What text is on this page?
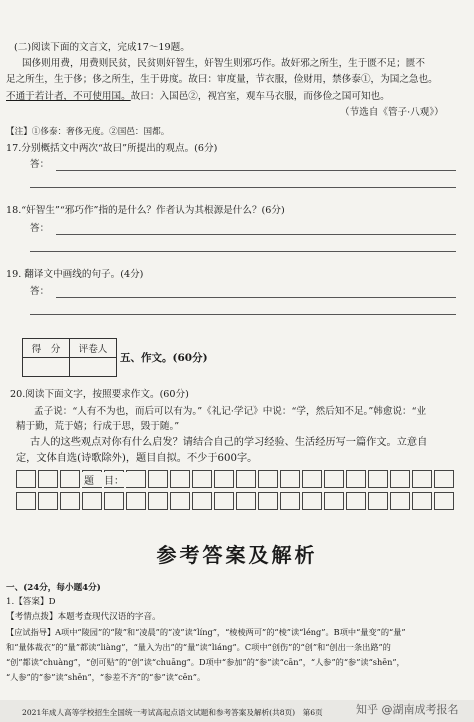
(二)阅读下面的文言文，完成17～19题。
国侈则用费，用费则民贫，民贫则奸智生，奸智生则邪巧作。故奸邪之所生，生于匮不足；匮不
足之所生，生于侈；侈之所生，生于毋度。故曰：审度量，节衣服，俭财用，禁侈泰①，为国之急也。
不通于若计者，不可使用国。故曰：入国邑②，视宫室，观车马衣服，而侈俭之国可知也。
（节选自《管子·八观》）
【注】①侈泰：奢侈无度。②国邑：国都。
17.分别概括文中两次“故曰”所提出的观点。(6分)
答：
18.“奸智生”“邪巧作”指的是什么？作者认为其根源是什么？(6分)
答：
19. 翻译文中画线的句子。(4分)
答：
得　分	评卷人

五、作文。(60分)
20.阅读下面文字，按照要求作文。(60分)
孟子说：“人有不为也，而后可以有为。”《礼记·学记》中说：“学，然后知不足。”韩愈说：“业
精于勤，荒于嬉；行成于思，毁于随。”
古人的这些观点对你有什么启发？请结合自己的学习经验、生活经历写一篇作文。立意自
定，文体自选(诗歌除外)，题目自拟。不少于600字。
题　目：
参考答案及解析
一、(24分，每小题4分)
1.【答案】D
【考情点拨】本题考查现代汉语的字音。
【应试指导】A项中“陵园”的“陵”和“凌晨”的“凌”读“líng”，“棱棱两可”的“棱”读“léng”。B项中“量变”的“量”
和“量体裁衣”的“量”都读“liàng”，“量入为出”的“量”读“liáng”。C项中“创伤”的“创”和“创出一条出路”的
“创”都读“chuàng”，“创可贴”的“创”读“chuāng”。D项中“参加”的“参”读“cān”，“人参”的“参”读“shēn”，
“人参”的“参”读“shēn”，“参差不齐”的“参”读“cēn”。
2021年成人高等学校招生全国统一考试高起点语文试题和参考答案及解析(共8页)　第6页	知乎 @湖南成考报名
